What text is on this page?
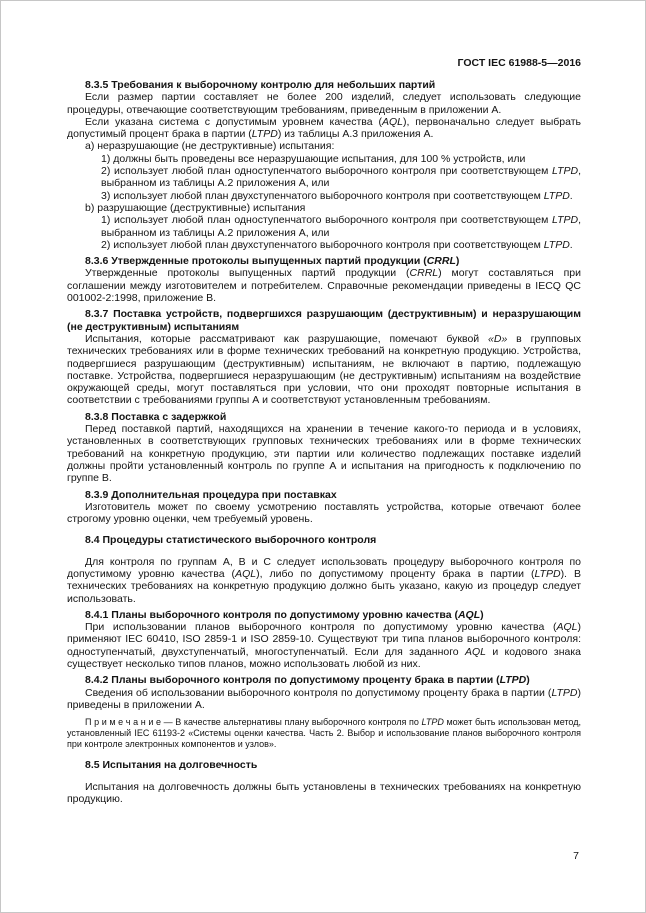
ГОСТ IEC 61988-5—2016
8.3.5 Требования к выборочному контролю для небольших партий
Если размер партии составляет не более 200 изделий, следует использовать следующие процедуры, отвечающие соответствующим требованиям, приведенным в приложении А.
Если указана система с допустимым уровнем качества (AQL), первоначально следует выбрать допустимый процент брака в партии (LTPD) из таблицы А.3 приложения А.
a) неразрушающие (не деструктивные) испытания:
1) должны быть проведены все неразрушающие испытания, для 100 % устройств, или
2) использует любой план одноступенчатого выборочного контроля при соответствующем LTPD, выбранном из таблицы А.2 приложения А, или
3) использует любой план двухступенчатого выборочного контроля при соответствующем LTPD.
b) разрушающие (деструктивные) испытания
1) использует любой план одноступенчатого выборочного контроля при соответствующем LTPD, выбранном из таблицы А.2 приложения А, или
2) использует любой план двухступенчатого выборочного контроля при соответствующем LTPD.
8.3.6 Утвержденные протоколы выпущенных партий продукции (CRRL)
Утвержденные протоколы выпущенных партий продукции (CRRL) могут составляться при соглашении между изготовителем и потребителем. Справочные рекомендации приведены в IECQ QC 001002-2:1998, приложение В.
8.3.7 Поставка устройств, подвергшихся разрушающим (деструктивным) и неразрушающим (не деструктивным) испытаниям
Испытания, которые рассматривают как разрушающие, помечают буквой «D» в групповых технических требованиях или в форме технических требований на конкретную продукцию. Устройства, подвергшиеся разрушающим (деструктивным) испытаниям, не включают в партию, подлежащую поставке. Устройства, подвергшиеся неразрушающим (не деструктивным) испытаниям на воздействие окружающей среды, могут поставляться при условии, что они проходят повторные испытания в соответствии с требованиями группы А и соответствуют установленным требованиям.
8.3.8 Поставка с задержкой
Перед поставкой партий, находящихся на хранении в течение какого-то периода и в условиях, установленных в соответствующих групповых технических требованиях или в форме технических требований на конкретную продукцию, эти партии или количество подлежащих поставке изделий должны пройти установленный контроль по группе А и испытания на пригодность к подключению по группе В.
8.3.9 Дополнительная процедура при поставках
Изготовитель может по своему усмотрению поставлять устройства, которые отвечают более строгому уровню оценки, чем требуемый уровень.
8.4 Процедуры статистического выборочного контроля
Для контроля по группам А, В и С следует использовать процедуру выборочного контроля по допустимому уровню качества (AQL), либо по допустимому проценту брака в партии (LTPD). В технических требованиях на конкретную продукцию должно быть указано, какую из процедур следует использовать.
8.4.1 Планы выборочного контроля по допустимому уровню качества (AQL)
При использовании планов выборочного контроля по допустимому уровню качества (AQL) применяют IEC 60410, ISO 2859-1 и ISO 2859-10. Существуют три типа планов выборочного контроля: одноступенчатый, двухступенчатый, многоступенчатый. Если для заданного AQL и кодового знака существует несколько типов планов, можно использовать любой из них.
8.4.2 Планы выборочного контроля по допустимому проценту брака в партии (LTPD)
Сведения об использовании выборочного контроля по допустимому проценту брака в партии (LTPD) приведены в приложении А.
П р и м е ч а н и е — В качестве альтернативы плану выборочного контроля по LTPD может быть использован метод, установленный IEC 61193-2 «Системы оценки качества. Часть 2. Выбор и использование планов выборочного контроля при контроле электронных компонентов и узлов».
8.5 Испытания на долговечность
Испытания на долговечность должны быть установлены в технических требованиях на конкретную продукцию.
7
